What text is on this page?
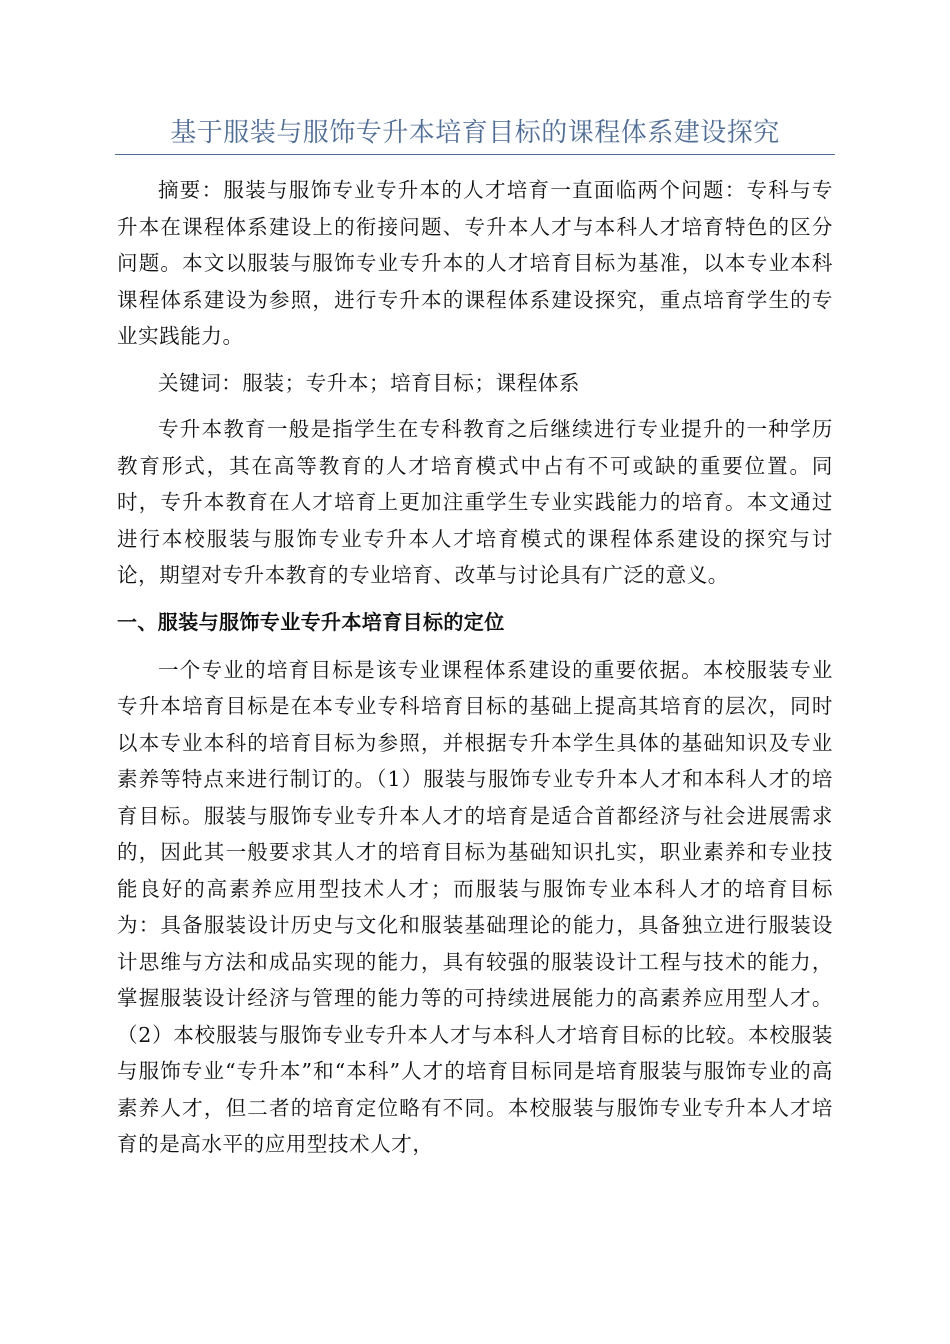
基于服装与服饰专升本培育目标的课程体系建设探究

摘要：服装与服饰专业专升本的人才培育一直面临两个问题：专科与专升本在课程体系建设上的衔接问题、专升本人才与本科人才培育特色的区分问题。本文以服装与服饰专业专升本的人才培育目标为基准，以本专业本科课程体系建设为参照，进行专升本的课程体系建设探究，重点培育学生的专业实践能力。

关键词：服装；专升本；培育目标；课程体系

专升本教育一般是指学生在专科教育之后继续进行专业提升的一种学历教育形式，其在高等教育的人才培育模式中占有不可或缺的重要位置。同时，专升本教育在人才培育上更加注重学生专业实践能力的培育。本文通过进行本校服装与服饰专业专升本人才培育模式的课程体系建设的探究与讨论，期望对专升本教育的专业培育、改革与讨论具有广泛的意义。

一、服装与服饰专业专升本培育目标的定位

一个专业的培育目标是该专业课程体系建设的重要依据。本校服装专业专升本培育目标是在本专业专科培育目标的基础上提高其培育的层次，同时以本专业本科的培育目标为参照，并根据专升本学生具体的基础知识及专业素养等特点来进行制订的。（1）服装与服饰专业专升本人才和本科人才的培育目标。服装与服饰专业专升本人才的培育是适合首都经济与社会进展需求的，因此其一般要求其人才的培育目标为基础知识扎实，职业素养和专业技能良好的高素养应用型技术人才；而服装与服饰专业本科人才的培育目标为：具备服装设计历史与文化和服装基础理论的能力，具备独立进行服装设计思维与方法和成品实现的能力，具有较强的服装设计工程与技术的能力，掌握服装设计经济与管理的能力等的可持续进展能力的高素养应用型人才。（2）本校服装与服饰专业专升本人才与本科人才培育目标的比较。本校服装与服饰专业“专升本”和“本科”人才的培育目标同是培育服装与服饰专业的高素养人才，但二者的培育定位略有不同。本校服装与服饰专业专升本人才培育的是高水平的应用型技术人才，
